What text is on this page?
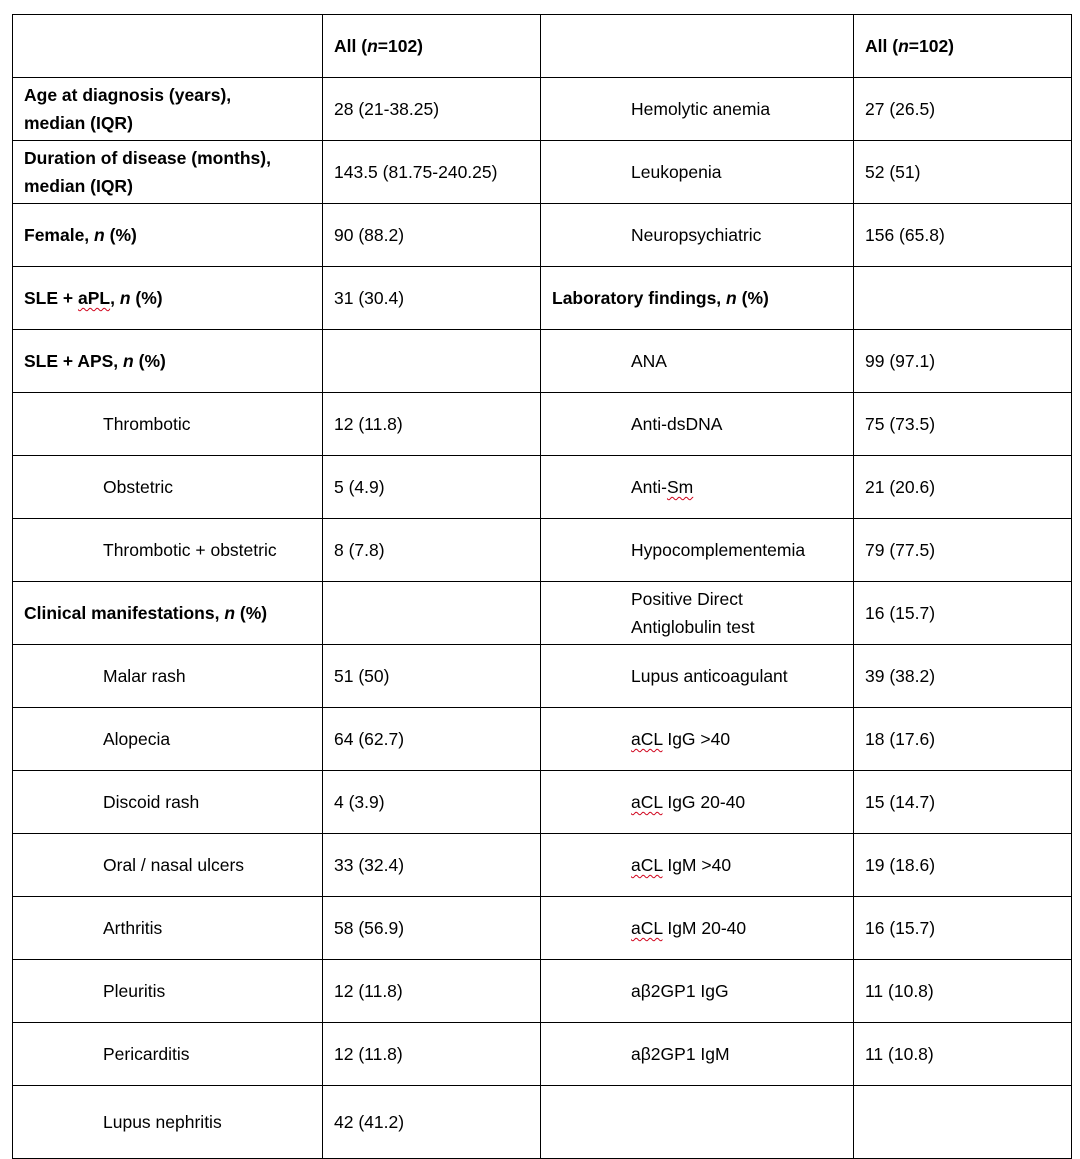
	All (n=102)		All (n=102)
Age at diagnosis (years),
median (IQR)	28 (21-38.25)	Hemolytic anemia	27 (26.5)
Duration of disease (months),
median (IQR)	143.5 (81.75-240.25)	Leukopenia	52 (51)
Female, n (%)	90 (88.2)	Neuropsychiatric	156 (65.8)
SLE + aPL, n (%)	31 (30.4)	Laboratory findings, n (%)	
SLE + APS, n (%)		ANA	99 (97.1)
Thrombotic	12 (11.8)	Anti-dsDNA	75 (73.5)
Obstetric	5 (4.9)	Anti-Sm	21 (20.6)
Thrombotic + obstetric	8 (7.8)	Hypocomplementemia	79 (77.5)
Clinical manifestations, n (%)		Positive Direct
Antiglobulin test	16 (15.7)
Malar rash	51 (50)	Lupus anticoagulant	39 (38.2)
Alopecia	64 (62.7)	aCL IgG >40	18 (17.6)
Discoid rash	4 (3.9)	aCL IgG 20-40	15 (14.7)
Oral / nasal ulcers	33 (32.4)	aCL IgM >40	19 (18.6)
Arthritis	58 (56.9)	aCL IgM 20-40	16 (15.7)
Pleuritis	12 (11.8)	aβ2GP1 IgG	11 (10.8)
Pericarditis	12 (11.8)	aβ2GP1 IgM	11 (10.8)
Lupus nephritis	42 (41.2)		
